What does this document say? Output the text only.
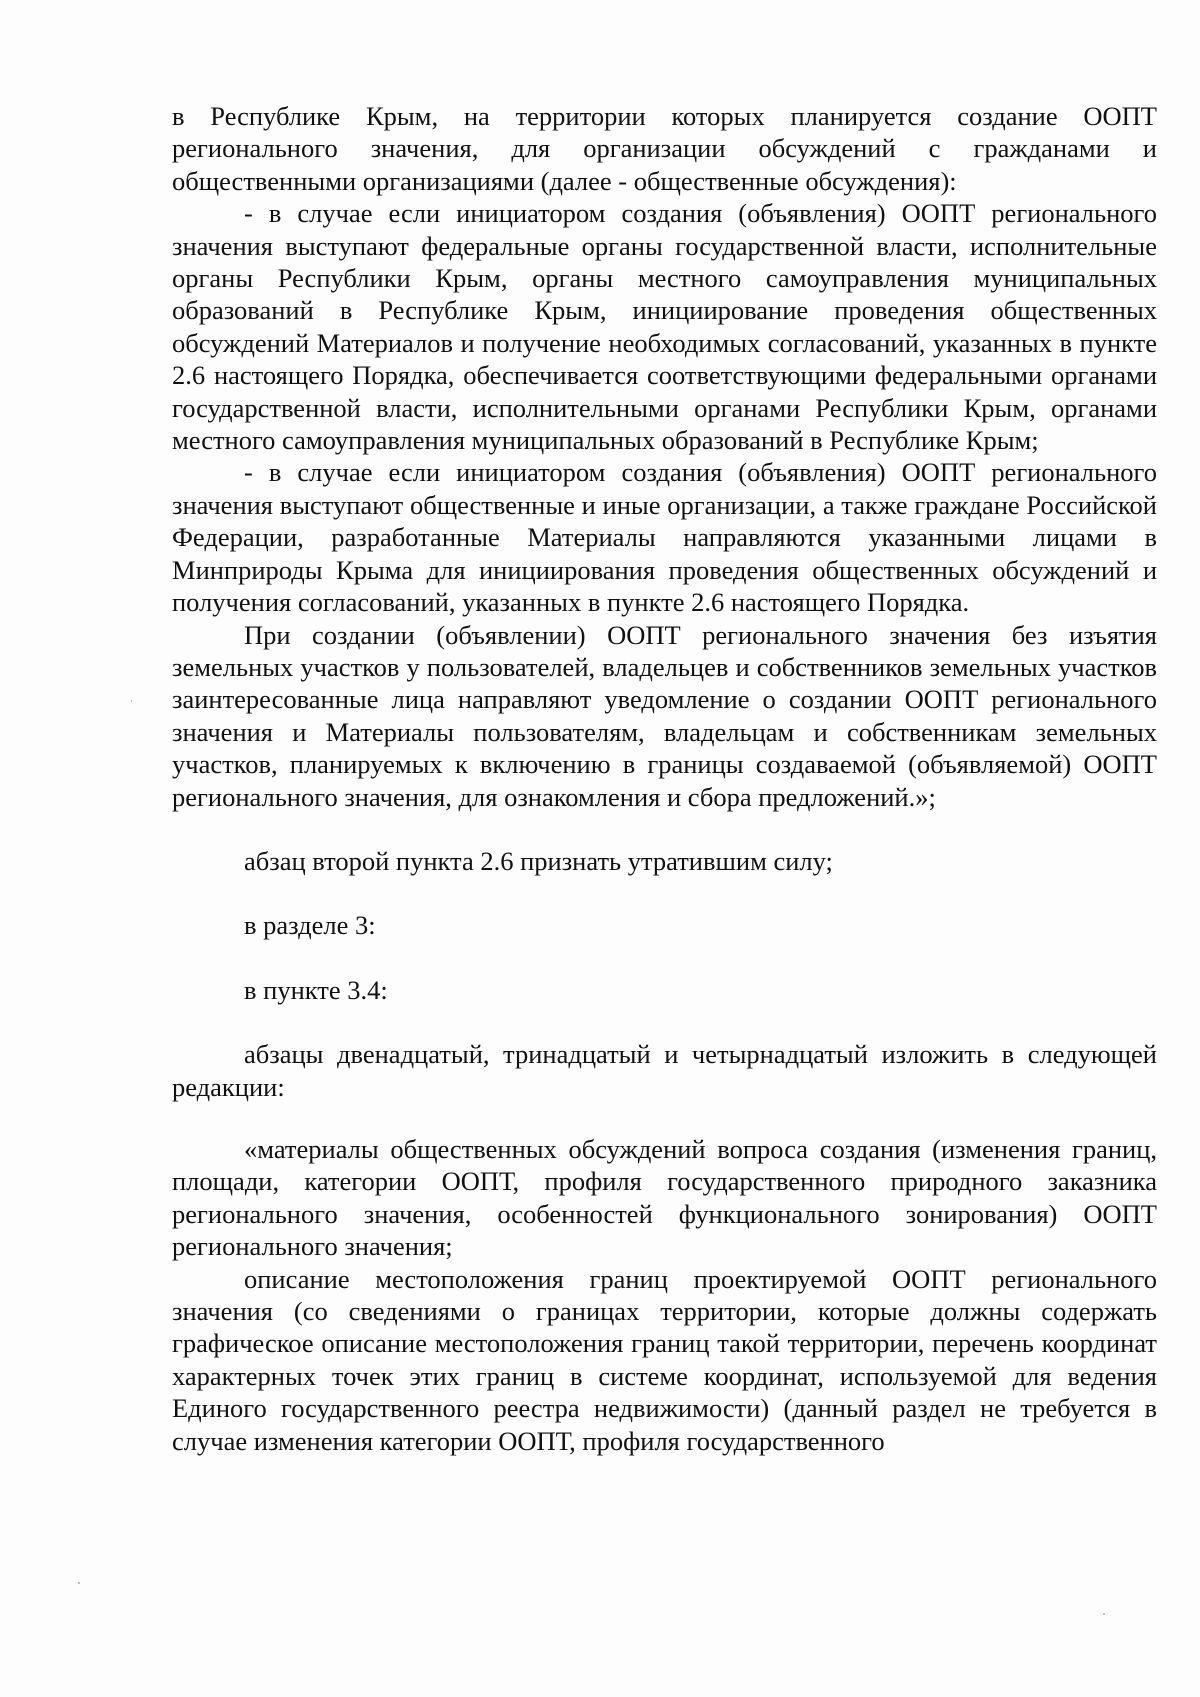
в Республике Крым, на территории которых планируется создание ООПТ регионального значения, для организации обсуждений с гражданами и общественными организациями (далее - общественные обсуждения):

- в случае если инициатором создания (объявления) ООПТ регионального значения выступают федеральные органы государственной власти, исполнительные органы Республики Крым, органы местного самоуправления муниципальных образований в Республике Крым, инициирование проведения общественных обсуждений Материалов и получение необходимых согласований, указанных в пункте 2.6 настоящего Порядка, обеспечивается соответствующими федеральными органами государственной власти, исполнительными органами Республики Крым, органами местного самоуправления муниципальных образований в Республике Крым;

- в случае если инициатором создания (объявления) ООПТ регионального значения выступают общественные и иные организации, а также граждане Российской Федерации, разработанные Материалы направляются указанными лицами в Минприроды Крыма для инициирования проведения общественных обсуждений и получения согласований, указанных в пункте 2.6 настоящего Порядка.

При создании (объявлении) ООПТ регионального значения без изъятия земельных участков у пользователей, владельцев и собственников земельных участков заинтересованные лица направляют уведомление о создании ООПТ регионального значения и Материалы пользователям, владельцам и собственникам земельных участков, планируемых к включению в границы создаваемой (объявляемой) ООПТ регионального значения, для ознакомления и сбора предложений.»;

абзац второй пункта 2.6 признать утратившим силу;

в разделе 3:

в пункте 3.4:

абзацы двенадцатый, тринадцатый и четырнадцатый изложить в следующей редакции:

«материалы общественных обсуждений вопроса создания (изменения границ, площади, категории ООПТ, профиля государственного природного заказника регионального значения, особенностей функционального зонирования) ООПТ регионального значения;

описание местоположения границ проектируемой ООПТ регионального значения (со сведениями о границах территории, которые должны содержать графическое описание местоположения границ такой территории, перечень координат характерных точек этих границ в системе координат, используемой для ведения Единого государственного реестра недвижимости) (данный раздел не требуется в случае изменения категории ООПТ, профиля государственного
